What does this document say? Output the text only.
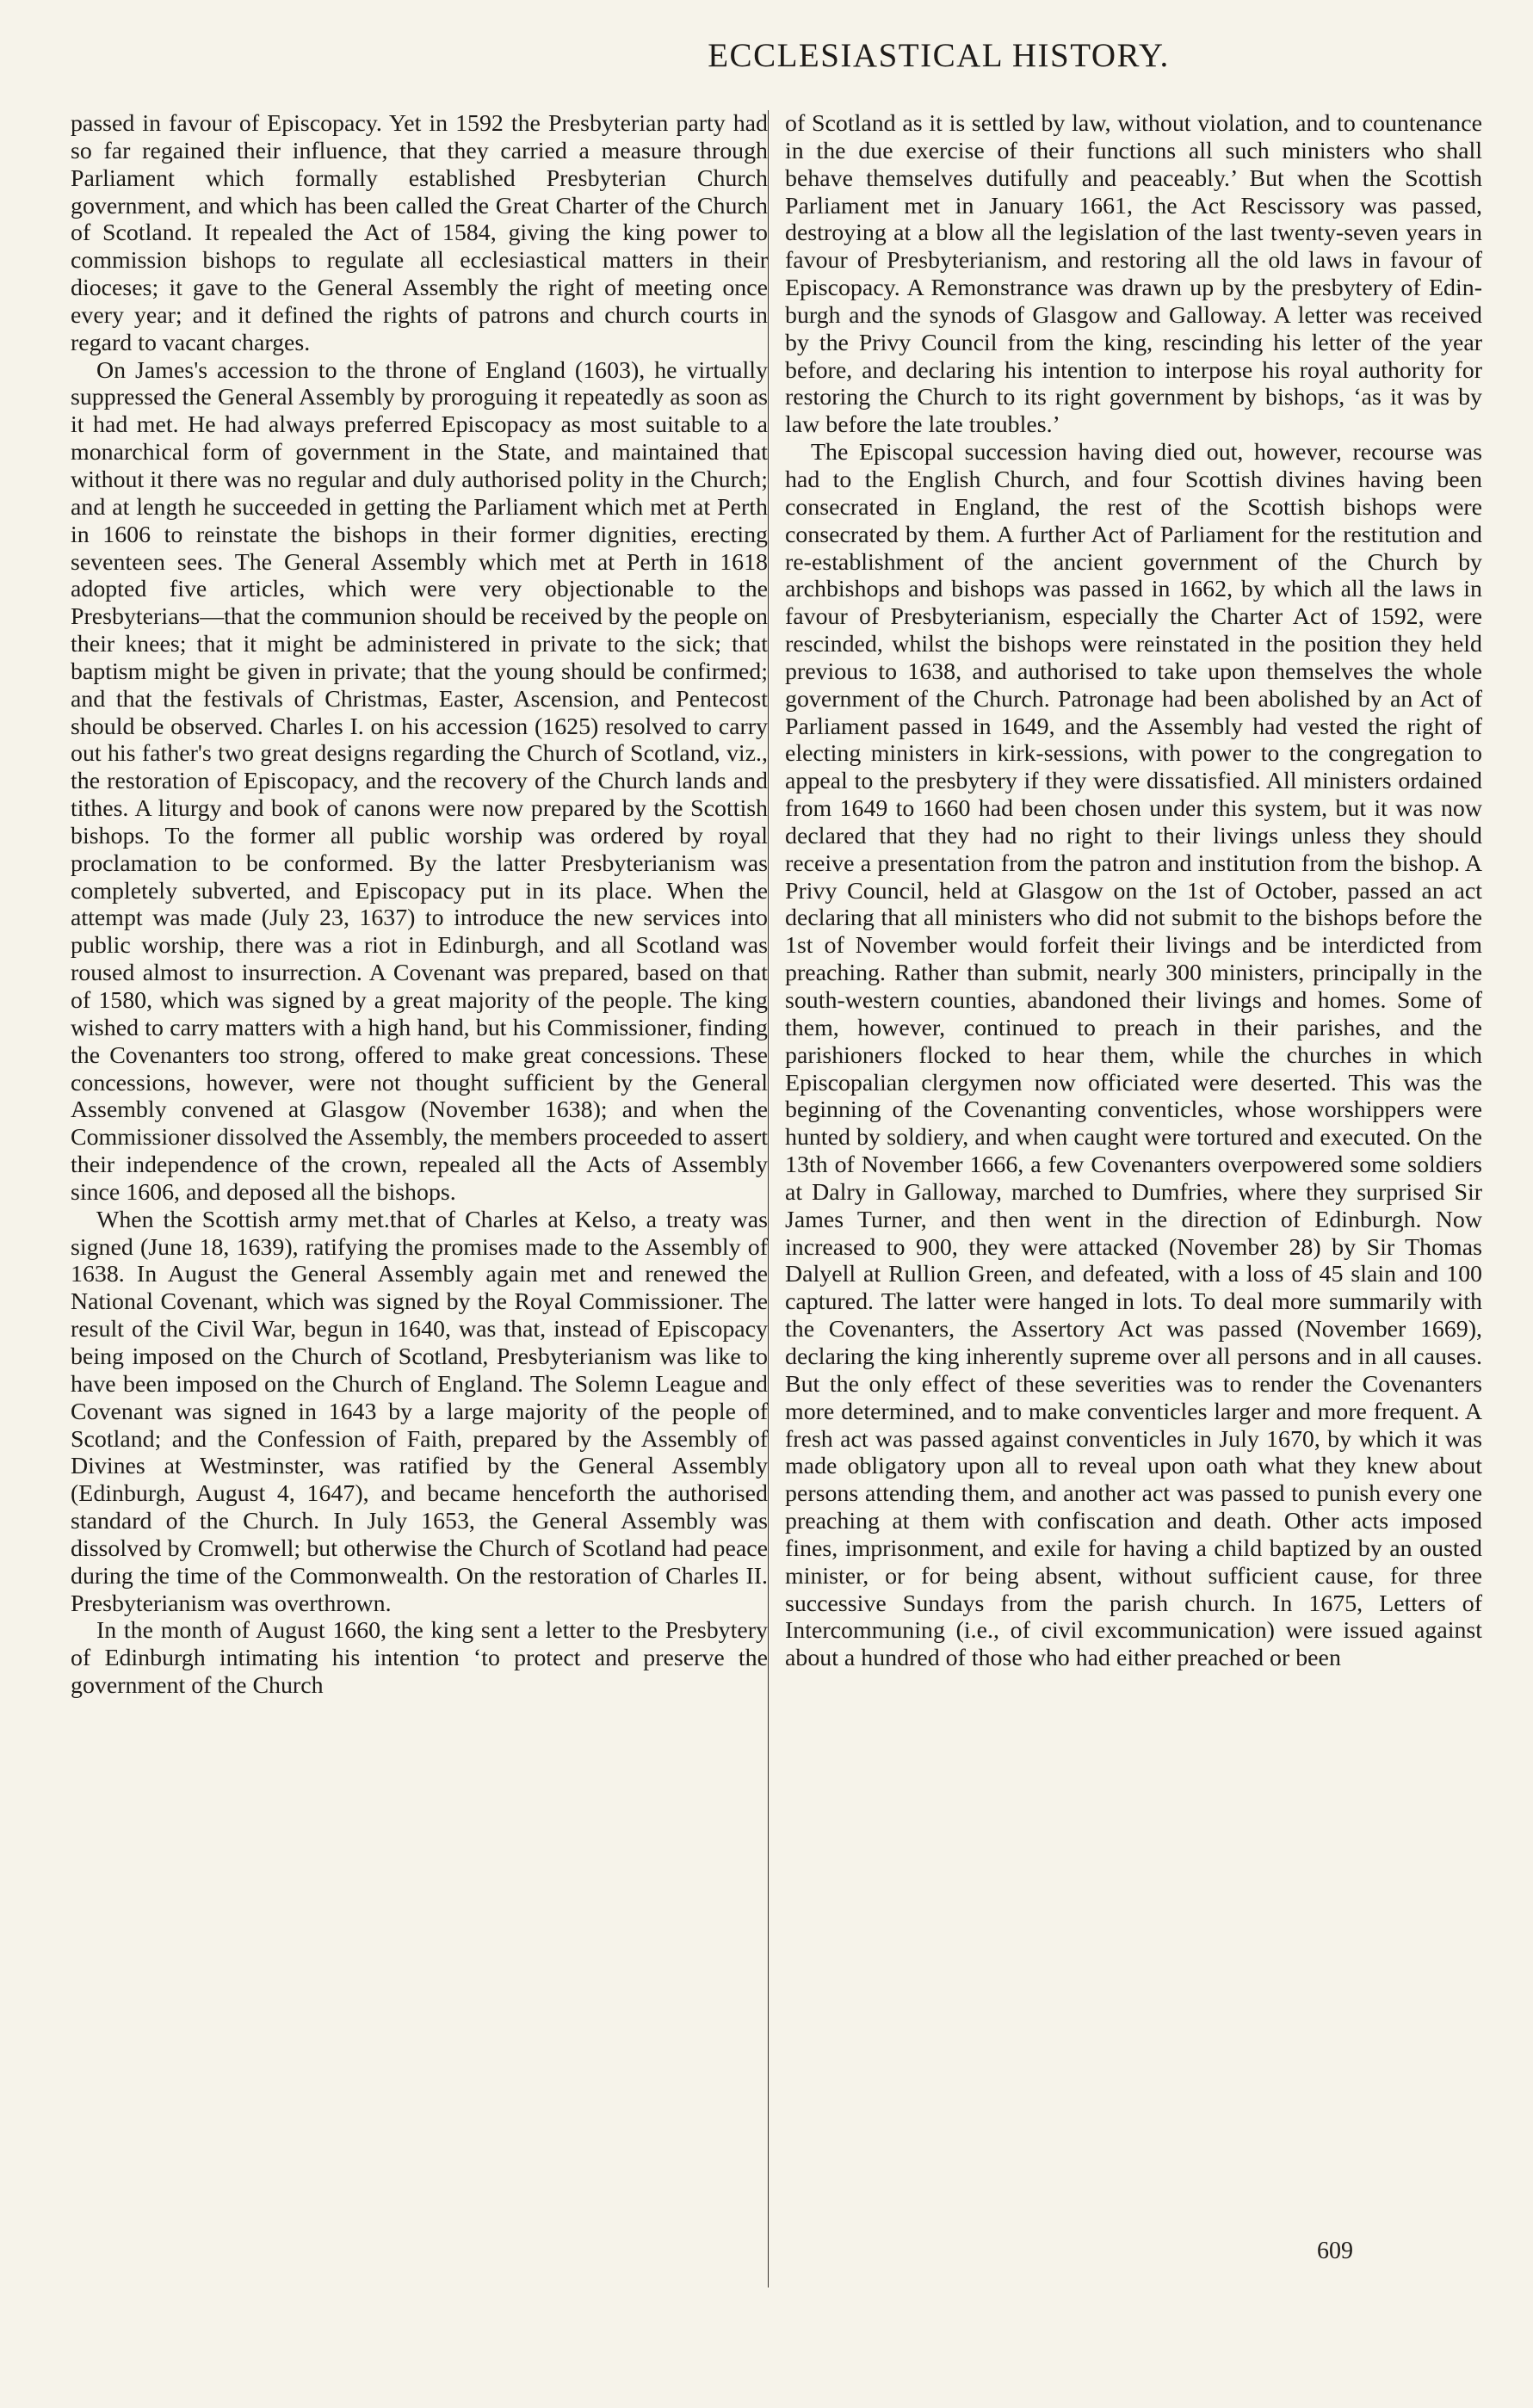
ECCLESIASTICAL HISTORY.

passed in favour of Episcopacy. Yet in 1592 the Presbyterian party had so far regained their influence, that they carried a measure through Parliament which formally established Presbyterian Church government, and which has been called the Great Charter of the Church of Scotland. It repealed the Act of 1584, giving the king power to commission bishops to regulate all ecclesiastical matters in their dioceses; it gave to the General Assembly the right of meeting once every year; and it defined the rights of patrons and church courts in regard to vacant charges.

On James's accession to the throne of England (1603), he virtually suppressed the General Assembly by proroguing it repeatedly as soon as it had met. He had always preferred Episcopacy as most suitable to a monarchical form of government in the State, and maintained that without it there was no regular and duly authorised polity in the Church; and at length he succeeded in getting the Parliament which met at Perth in 1606 to reinstate the bishops in their former dignities, erecting seventeen sees. The General Assembly which met at Perth in 1618 adopted five articles, which were very objectionable to the Presbyterians—that the communion should be received by the people on their knees; that it might be administered in private to the sick; that baptism might be given in private; that the young should be confirmed; and that the festivals of Christmas, Easter, Ascension, and Pentecost should be observed. Charles I. on his accession (1625) resolved to carry out his father's two great designs regarding the Church of Scotland, viz., the restoration of Episcopacy, and the recovery of the Church lands and tithes. A liturgy and book of canons were now prepared by the Scottish bishops. To the former all public worship was ordered by royal proclamation to be conformed. By the latter Presbyterianism was completely subverted, and Episcopacy put in its place. When the attempt was made (July 23, 1637) to introduce the new services into public worship, there was a riot in Edinburgh, and all Scotland was roused almost to insurrection. A Covenant was prepared, based on that of 1580, which was signed by a great majority of the people. The king wished to carry matters with a high hand, but his Commissioner, finding the Covenanters too strong, offered to make great concessions. These concessions, however, were not thought sufficient by the General Assembly convened at Glasgow (November 1638); and when the Commissioner dissolved the Assembly, the members proceeded to assert their independence of the crown, repealed all the Acts of Assembly since 1606, and deposed all the bishops.

When the Scottish army met.that of Charles at Kelso, a treaty was signed (June 18, 1639), ratifying the promises made to the Assembly of 1638. In August the General Assembly again met and renewed the National Covenant, which was signed by the Royal Commissioner. The result of the Civil War, begun in 1640, was that, instead of Episcopacy being imposed on the Church of Scotland, Presbyterianism was like to have been imposed on the Church of England. The Solemn League and Covenant was signed in 1643 by a large majority of the people of Scotland; and the Confession of Faith, prepared by the Assembly of Divines at Westminster, was ratified by the General Assembly (Edinburgh, August 4, 1647), and became henceforth the authorised standard of the Church. In July 1653, the General Assembly was dissolved by Cromwell; but otherwise the Church of Scotland had peace during the time of the Commonwealth. On the restoration of Charles II. Presbyterianism was overthrown.

In the month of August 1660, the king sent a letter to the Presbytery of Edinburgh intimating his intention ‘to protect and preserve the government of the Church

of Scotland as it is settled by law, without violation, and to countenance in the due exercise of their functions all such ministers who shall behave themselves dutifully and peaceably.’ But when the Scottish Parliament met in January 1661, the Act Rescissory was passed, destroying at a blow all the legislation of the last twenty-seven years in favour of Presbyterianism, and restoring all the old laws in favour of Episcopacy. A Remonstrance was drawn up by the presbytery of Edinburgh and the synods of Glasgow and Galloway. A letter was received by the Privy Council from the king, rescinding his letter of the year before, and declaring his intention to interpose his royal authority for restoring the Church to its right government by bishops, ‘as it was by law before the late troubles.’

The Episcopal succession having died out, however, recourse was had to the English Church, and four Scottish divines having been consecrated in England, the rest of the Scottish bishops were consecrated by them. A further Act of Parliament for the restitution and re-establishment of the ancient government of the Church by archbishops and bishops was passed in 1662, by which all the laws in favour of Presbyterianism, especially the Charter Act of 1592, were rescinded, whilst the bishops were reinstated in the position they held previous to 1638, and authorised to take upon themselves the whole government of the Church. Patronage had been abolished by an Act of Parliament passed in 1649, and the Assembly had vested the right of electing ministers in kirk-sessions, with power to the congregation to appeal to the presbytery if they were dissatisfied. All ministers ordained from 1649 to 1660 had been chosen under this system, but it was now declared that they had no right to their livings unless they should receive a presentation from the patron and institution from the bishop. A Privy Council, held at Glasgow on the 1st of October, passed an act declaring that all ministers who did not submit to the bishops before the 1st of November would forfeit their livings and be interdicted from preaching. Rather than submit, nearly 300 ministers, principally in the south-western counties, abandoned their livings and homes. Some of them, however, continued to preach in their parishes, and the parishioners flocked to hear them, while the churches in which Episcopalian clergymen now officiated were deserted. This was the beginning of the Covenanting conventicles, whose worshippers were hunted by soldiery, and when caught were tortured and executed. On the 13th of November 1666, a few Covenanters overpowered some soldiers at Dalry in Galloway, marched to Dumfries, where they surprised Sir James Turner, and then went in the direction of Edinburgh. Now increased to 900, they were attacked (November 28) by Sir Thomas Dalyell at Rullion Green, and defeated, with a loss of 45 slain and 100 captured. The latter were hanged in lots. To deal more summarily with the Covenanters, the Assertory Act was passed (November 1669), declaring the king inherently supreme over all persons and in all causes. But the only effect of these severities was to render the Covenanters more determined, and to make conventicles larger and more frequent. A fresh act was passed against conventicles in July 1670, by which it was made obligatory upon all to reveal upon oath what they knew about persons attending them, and another act was passed to punish every one preaching at them with confiscation and death. Other acts imposed fines, imprisonment, and exile for having a child baptized by an ousted minister, or for being absent, without sufficient cause, for three successive Sundays from the parish church. In 1675, Letters of Intercommuning (i.e., of civil excommunication) were issued against about a hundred of those who had either preached or been

609
